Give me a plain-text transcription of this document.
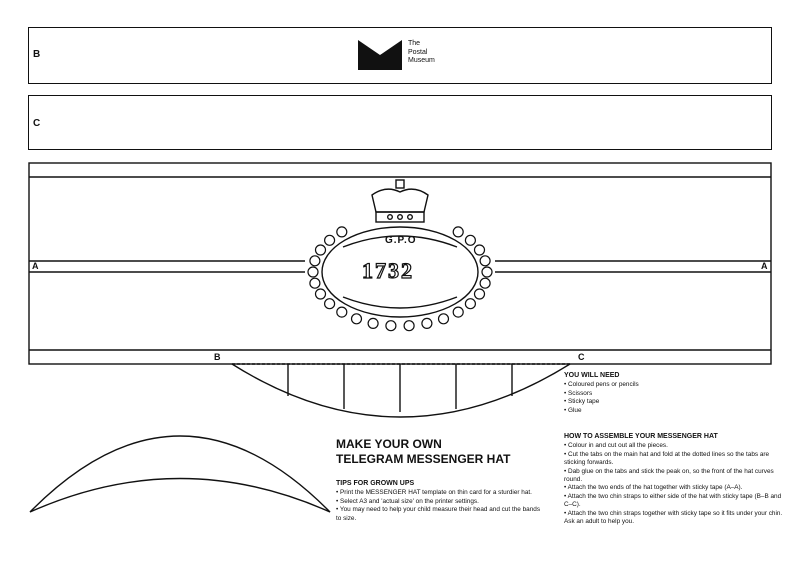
B
The
Postal
Museum
C
A	A
B	C
G.P.O
1732
MAKE YOUR OWN
TELEGRAM MESSENGER HAT
TIPS FOR GROWN UPS
• Print the MESSENGER HAT template on thin card for a sturdier hat.
• Select A3 and 'actual size' on the printer settings.
• You may need to help your child measure their head and cut the bands to size.
YOU WILL NEED
• Coloured pens or pencils
• Scissors
• Sticky tape
• Glue
HOW TO ASSEMBLE YOUR MESSENGER HAT
• Colour in and cut out all the pieces.
• Cut the tabs on the main hat and fold at the dotted lines so the tabs are sticking forwards.
• Dab glue on the tabs and stick the peak on, so the front of the hat curves round.
• Attach the two ends of the hat together with sticky tape (A–A).
• Attach the two chin straps to either side of the hat with sticky tape (B–B and C–C).
• Attach the two chin straps together with sticky tape so it fits under your chin. Ask an adult to help you.
